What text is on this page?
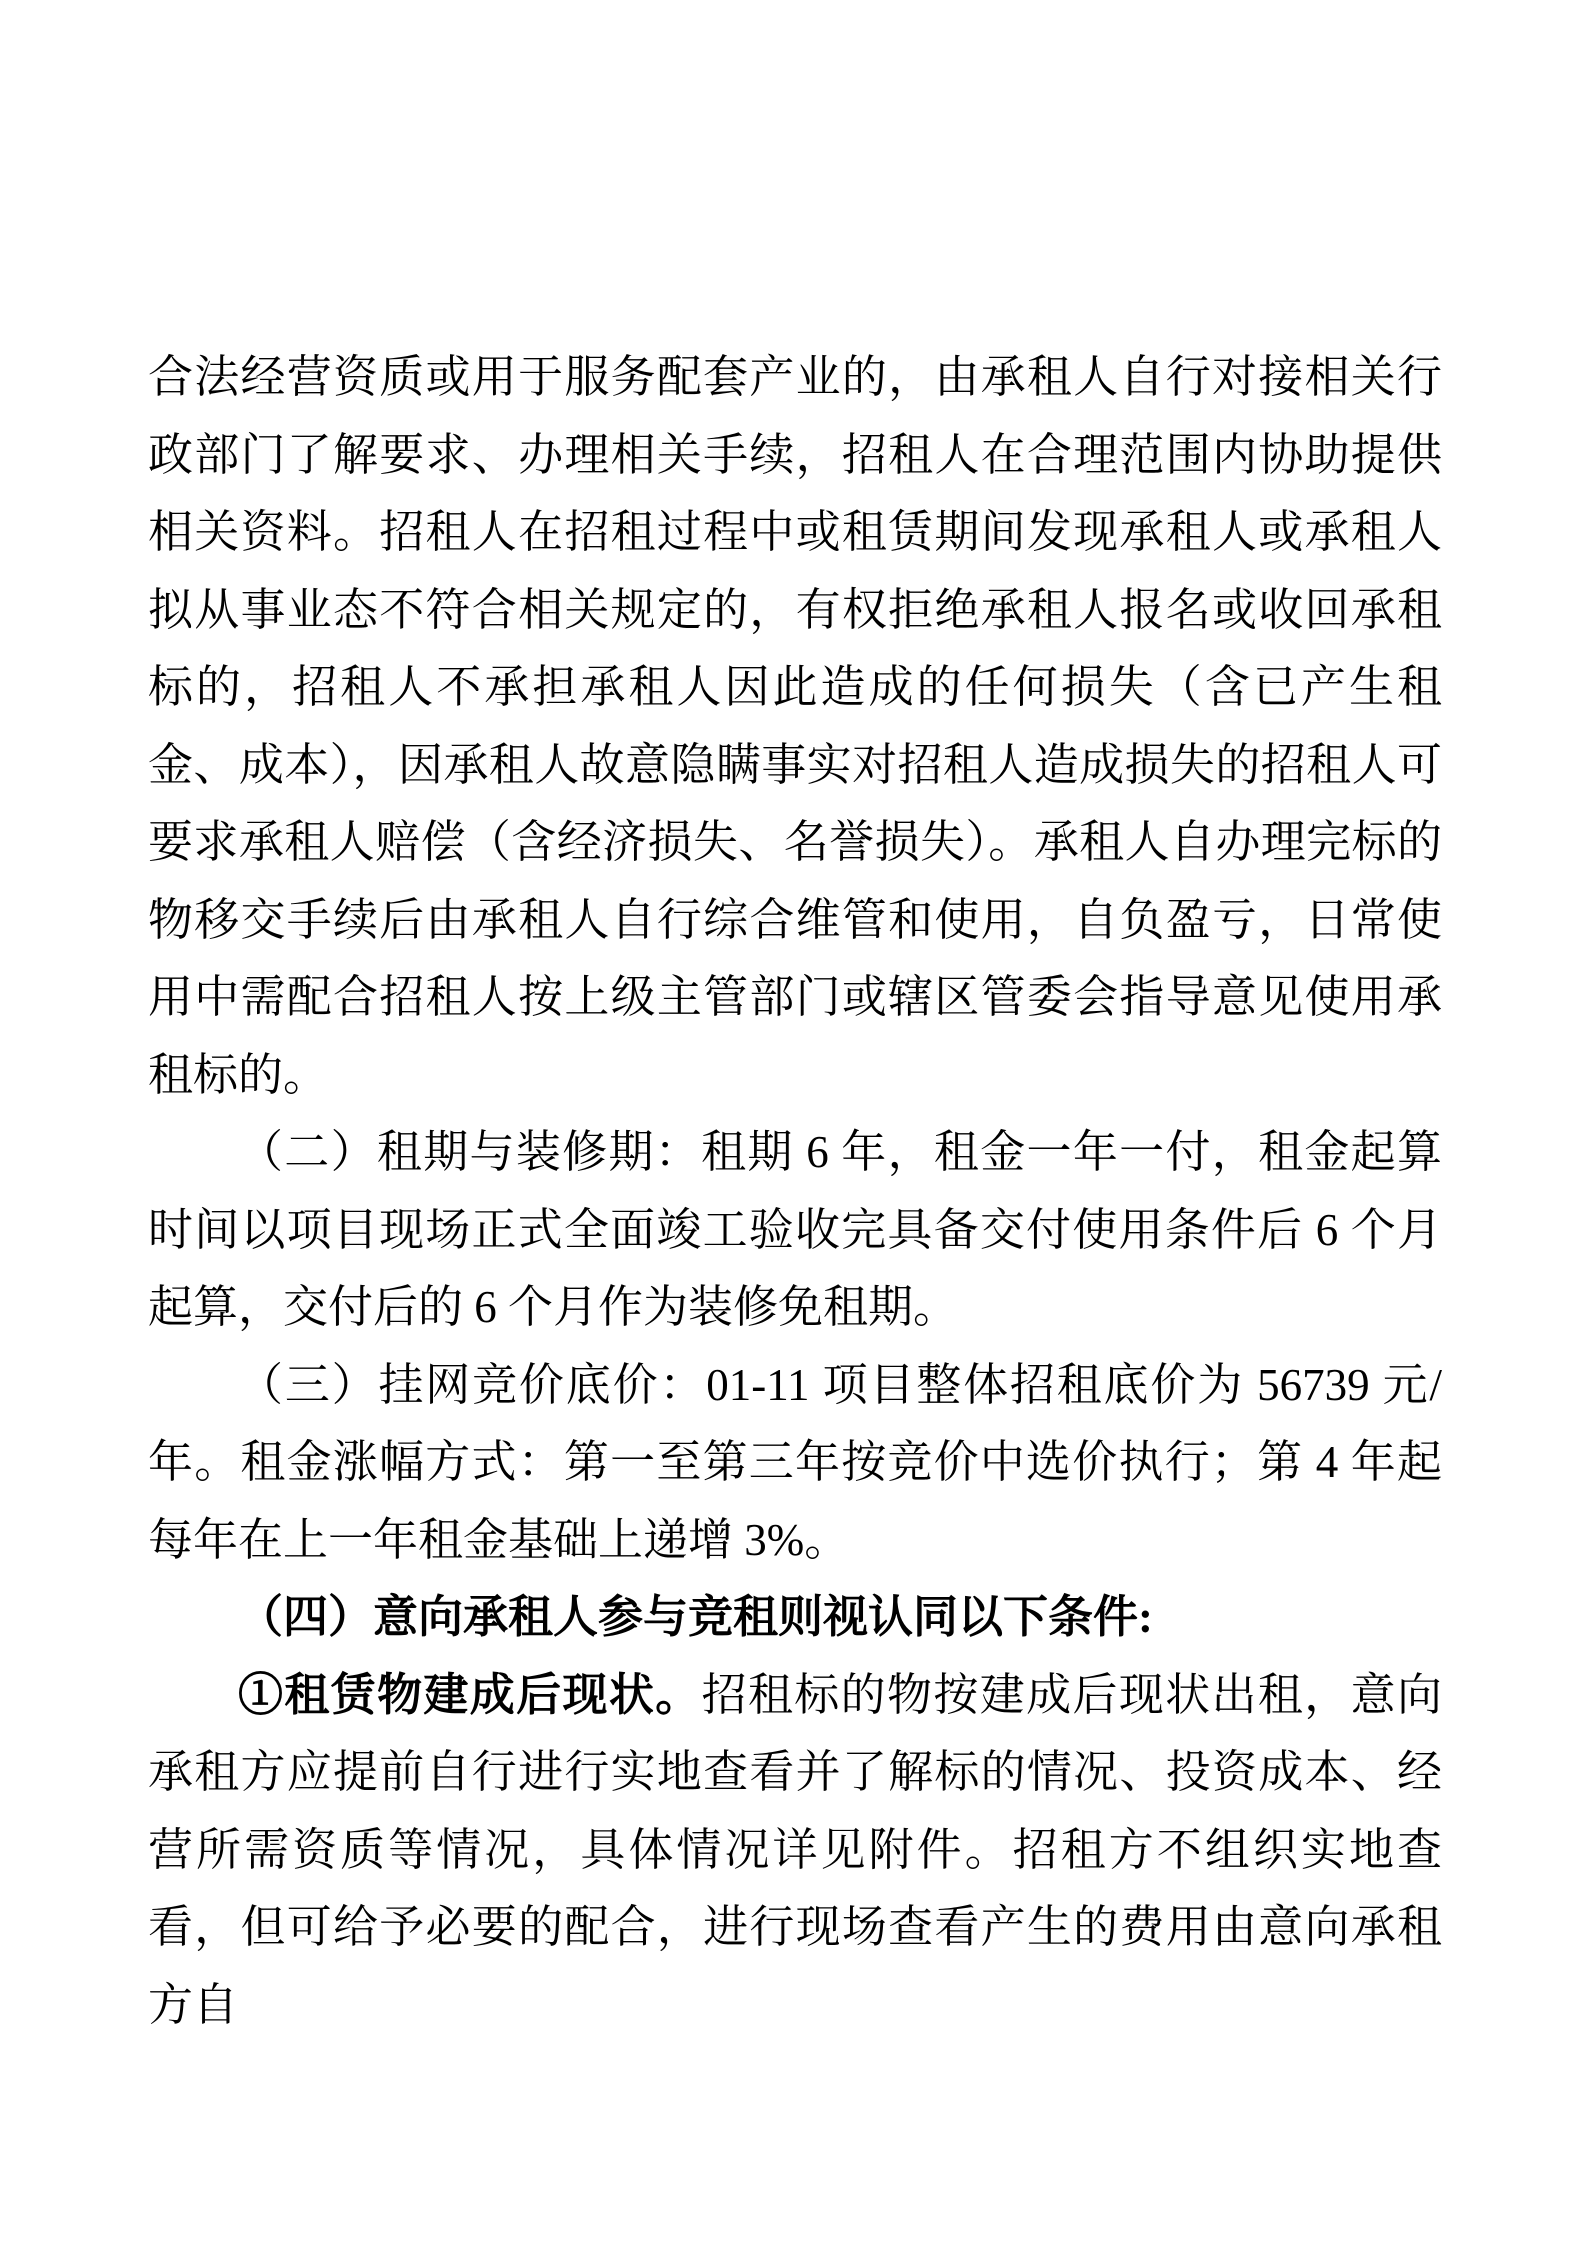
合法经营资质或用于服务配套产业的，由承租人自行对接相关行政部门了解要求、办理相关手续，招租人在合理范围内协助提供相关资料。招租人在招租过程中或租赁期间发现承租人或承租人拟从事业态不符合相关规定的，有权拒绝承租人报名或收回承租标的，招租人不承担承租人因此造成的任何损失（含已产生租金、成本），因承租人故意隐瞒事实对招租人造成损失的招租人可要求承租人赔偿（含经济损失、名誉损失）。承租人自办理完标的物移交手续后由承租人自行综合维管和使用，自负盈亏，日常使用中需配合招租人按上级主管部门或辖区管委会指导意见使用承租标的。

（二）租期与装修期：租期 6 年，租金一年一付，租金起算时间以项目现场正式全面竣工验收完具备交付使用条件后 6 个月起算，交付后的 6 个月作为装修免租期。

（三）挂网竞价底价：01-11 项目整体招租底价为 56739 元/年。租金涨幅方式：第一至第三年按竞价中选价执行；第 4 年起每年在上一年租金基础上递增 3%。

（四）意向承租人参与竞租则视认同以下条件:

①租赁物建成后现状。招租标的物按建成后现状出租，意向承租方应提前自行进行实地查看并了解标的情况、投资成本、经营所需资质等情况，具体情况详见附件。招租方不组织实地查看，但可给予必要的配合，进行现场查看产生的费用由意向承租方自
